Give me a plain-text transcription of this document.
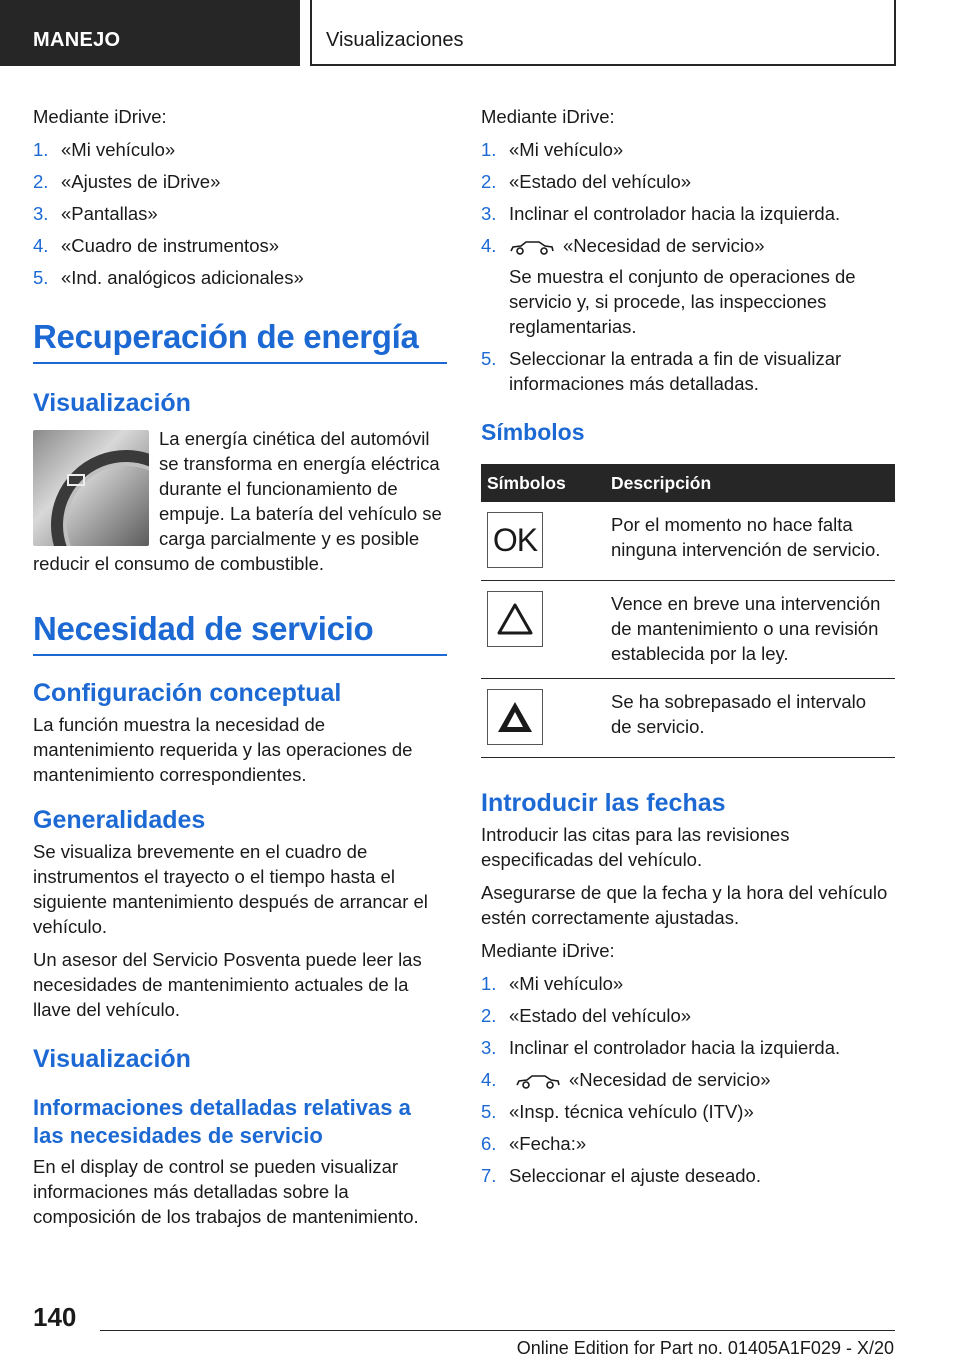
MANEJO	Visualizaciones

Mediante iDrive:

1. «Mi vehículo»
2. «Ajustes de iDrive»
3. «Pantallas»
4. «Cuadro de instrumentos»
5. «Ind. analógicos adicionales»
Recuperación de energía
Visualización

La energía cinética del automóvil se transforma en energía eléctrica durante el funcionamiento de empuje. La batería del vehículo se carga parcialmente y es posible reducir el consumo de combustible.

Necesidad de servicio
Configuración conceptual

La función muestra la necesidad de mantenimiento requerida y las operaciones de mantenimiento correspondientes.

Generalidades

Se visualiza brevemente en el cuadro de instrumentos el trayecto o el tiempo hasta el siguiente mantenimiento después de arrancar el vehículo.

Un asesor del Servicio Posventa puede leer las necesidades de mantenimiento actuales de la llave del vehículo.

Visualización
Informaciones detalladas relativas a las necesidades de servicio

En el display de control se pueden visualizar informaciones más detalladas sobre la composición de los trabajos de mantenimiento.

Mediante iDrive:

1. «Mi vehículo»
2. «Estado del vehículo»
3. Inclinar el controlador hacia la izquierda.
4.	«Necesidad de servicio»

Se muestra el conjunto de operaciones de servicio y, si procede, las inspecciones reglamentarias.

5. Seleccionar la entrada a fin de visualizar informaciones más detalladas.
Símbolos
Símbolos	Descripción

OK	Por el momento no hace falta ninguna intervención de servicio.

	Vence en breve una intervención de mantenimiento o una revisión establecida por la ley.

	Se ha sobrepasado el intervalo de servicio.
Introducir las fechas

Introducir las citas para las revisiones especificadas del vehículo.

Asegurarse de que la fecha y la hora del vehículo estén correctamente ajustadas.

Mediante iDrive:

1. «Mi vehículo»
2. «Estado del vehículo»
3. Inclinar el controlador hacia la izquierda.
4.	«Necesidad de servicio»
5. «Insp. técnica vehículo (ITV)»
6. «Fecha:»
7. Seleccionar el ajuste deseado.
140
Online Edition for Part no. 01405A1F029 - X/20
